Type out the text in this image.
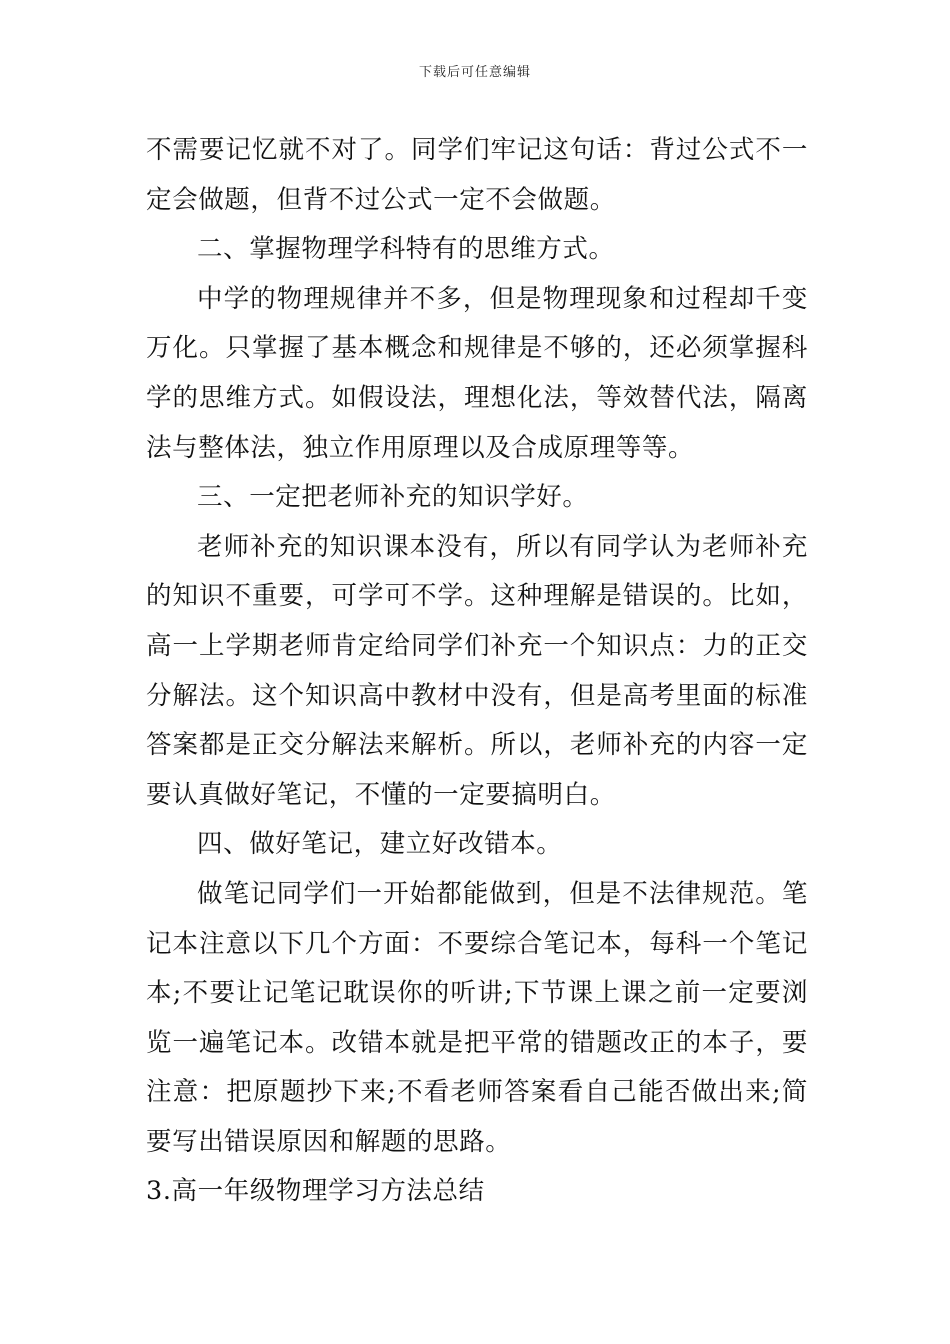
下载后可任意编辑

不需要记忆就不对了。同学们牢记这句话：背过公式不一定会做题，但背不过公式一定不会做题。

二、掌握物理学科特有的思维方式。

中学的物理规律并不多，但是物理现象和过程却千变万化。只掌握了基本概念和规律是不够的，还必须掌握科学的思维方式。如假设法，理想化法，等效替代法，隔离法与整体法，独立作用原理以及合成原理等等。

三、一定把老师补充的知识学好。

老师补充的知识课本没有，所以有同学认为老师补充的知识不重要，可学可不学。这种理解是错误的。比如，高一上学期老师肯定给同学们补充一个知识点：力的正交分解法。这个知识高中教材中没有，但是高考里面的标准答案都是正交分解法来解析。所以，老师补充的内容一定要认真做好笔记，不懂的一定要搞明白。

四、做好笔记，建立好改错本。

做笔记同学们一开始都能做到，但是不法律规范。笔记本注意以下几个方面：不要综合笔记本，每科一个笔记本;不要让记笔记耽误你的听讲;下节课上课之前一定要浏览一遍笔记本。改错本就是把平常的错题改正的本子，要注意：把原题抄下来;不看老师答案看自己能否做出来;简要写出错误原因和解题的思路。

3.高一年级物理学习方法总结
